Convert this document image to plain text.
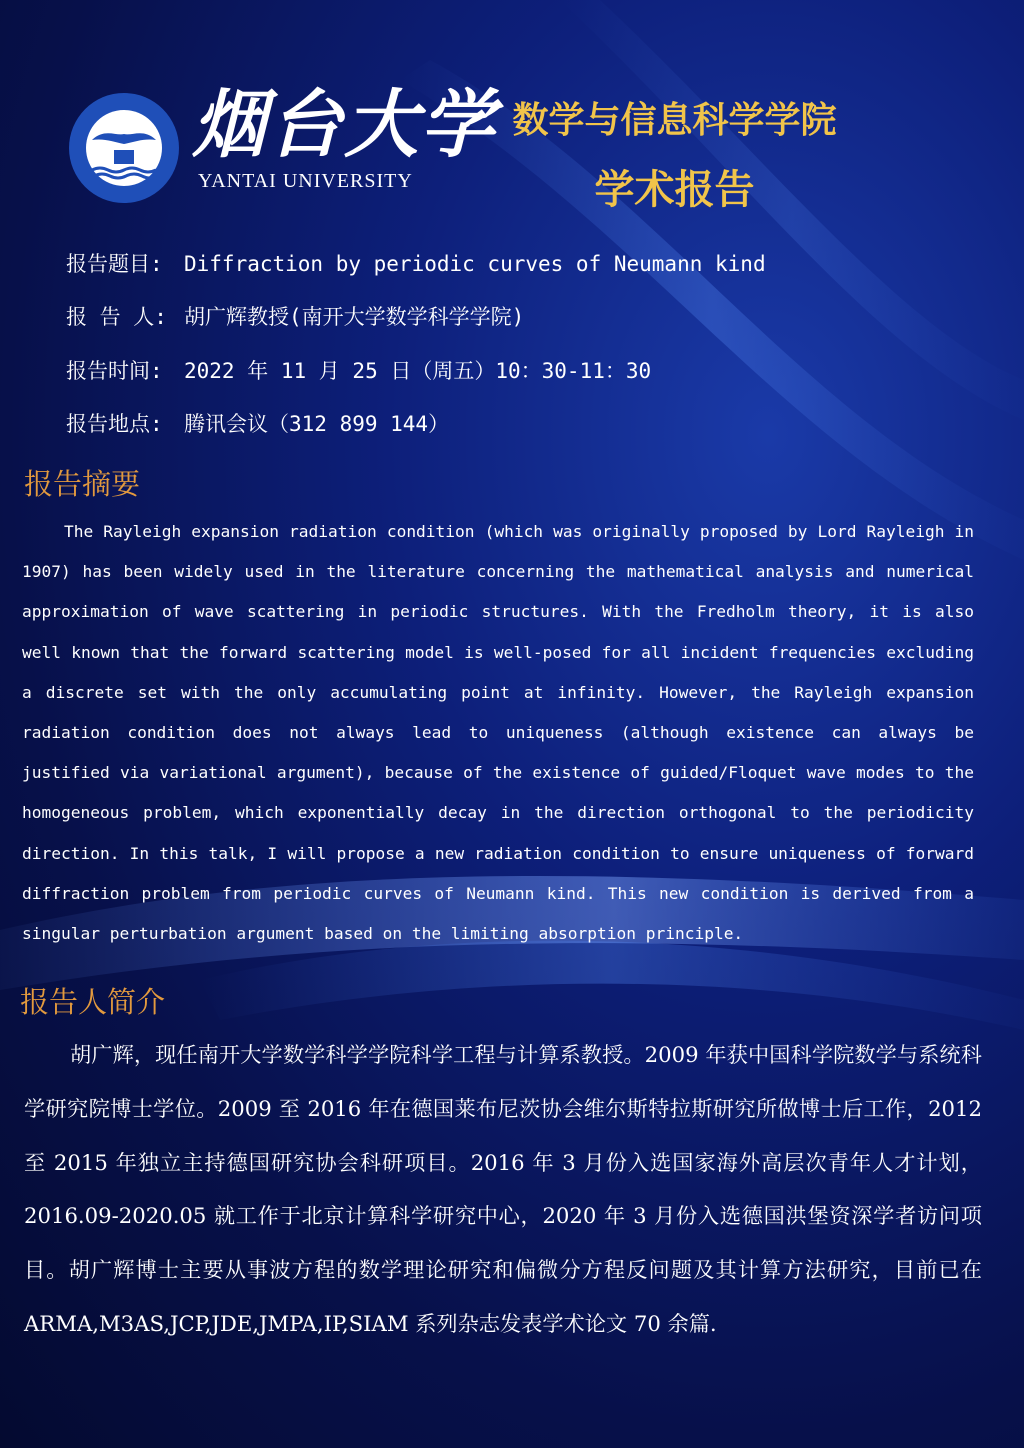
烟台大学
YANTAI UNIVERSITY
数学与信息科学学院
学术报告
报告题目: Diffraction by periodic curves of Neumann kind
报 告 人: 胡广辉教授(南开大学数学科学学院)
报告时间: 2022 年 11 月 25 日（周五）10：30-11：30
报告地点: 腾讯会议（312 899 144）
报告摘要

The Rayleigh expansion radiation condition (which was originally proposed by Lord Rayleigh in 1907) has been widely used in the literature concerning the mathematical analysis and numerical approximation of wave scattering in periodic structures. With the Fredholm theory, it is also well known that the forward scattering model is well-posed for all incident frequencies excluding a discrete set with the only accumulating point at infinity. However, the Rayleigh expansion radiation condition does not always lead to uniqueness (although existence can always be justified via variational argument), because of the existence of guided/Floquet wave modes to the homogeneous problem, which exponentially decay in the direction orthogonal to the periodicity direction. In this talk, I will propose a new radiation condition to ensure uniqueness of forward diffraction problem from periodic curves of Neumann kind. This new condition is derived from a singular perturbation argument based on the limiting absorption principle.

报告人简介

胡广辉，现任南开大学数学科学学院科学工程与计算系教授。2009 年获中国科学院数学与系统科学研究院博士学位。2009 至 2016 年在德国莱布尼茨协会维尔斯特拉斯研究所做博士后工作，2012 至 2015 年独立主持德国研究协会科研项目。2016 年 3 月份入选国家海外高层次青年人才计划，2016.09-2020.05 就工作于北京计算科学研究中心，2020 年 3 月份入选德国洪堡资深学者访问项目。胡广辉博士主要从事波方程的数学理论研究和偏微分方程反问题及其计算方法研究，目前已在 ARMA,M3AS,JCP,JDE,JMPA,IP,SIAM 系列杂志发表学术论文 70 余篇.
